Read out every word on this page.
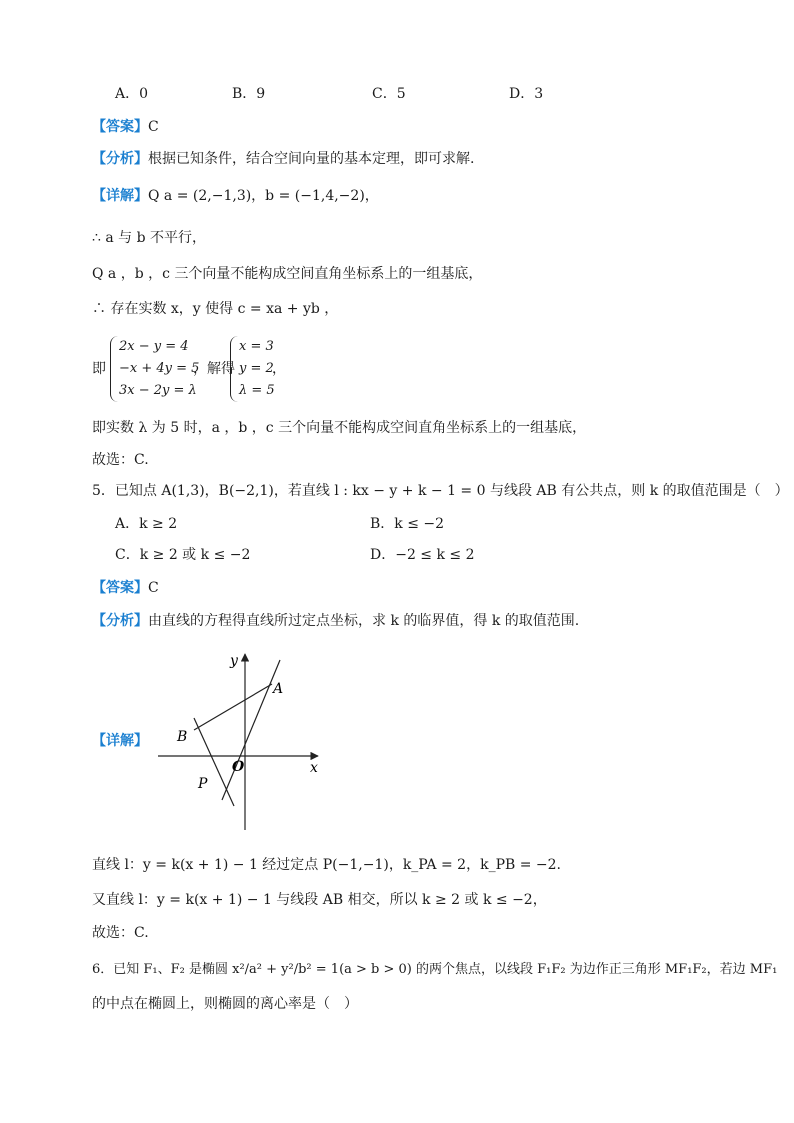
A．0	B．9	C．5	D．3
【答案】C
【分析】根据已知条件，结合空间向量的基本定理，即可求解.
【详解】Q a = (2,−1,3)，b = (−1,4,−2)，
∴ a 与 b 不平行，
Q a ，b ，c 三个向量不能构成空间直角坐标系上的一组基底，
∴ 存在实数 x，y 使得 c = xa + yb ，
即
2x − y = 4
−x + 4y = 5
3x − 2y = λ
，解得
x = 3
y = 2
λ = 5
，
即实数 λ 为 5 时，a ，b ，c 三个向量不能构成空间直角坐标系上的一组基底，
故选：C.
5．已知点 A(1,3)，B(−2,1)，若直线 l : kx − y + k − 1 = 0 与线段 AB 有公共点，则 k 的取值范围是（　）
A．k ≥ 2	B．k ≤ −2
C．k ≥ 2 或 k ≤ −2	D．−2 ≤ k ≤ 2
【答案】C
【分析】由直线的方程得直线所过定点坐标，求 k 的临界值，得 k 的取值范围.
【详解】
y
x
A
B
O
P
直线 l：y = k(x + 1) − 1 经过定点 P(−1,−1)，k_PA = 2，k_PB = −2.
又直线 l：y = k(x + 1) − 1 与线段 AB 相交，所以 k ≥ 2 或 k ≤ −2，
故选：C.
6．已知 F₁、F₂ 是椭圆 x²/a² + y²/b² = 1(a > b > 0) 的两个焦点，以线段 F₁F₂ 为边作正三角形 MF₁F₂，若边 MF₁
的中点在椭圆上，则椭圆的离心率是（　）
